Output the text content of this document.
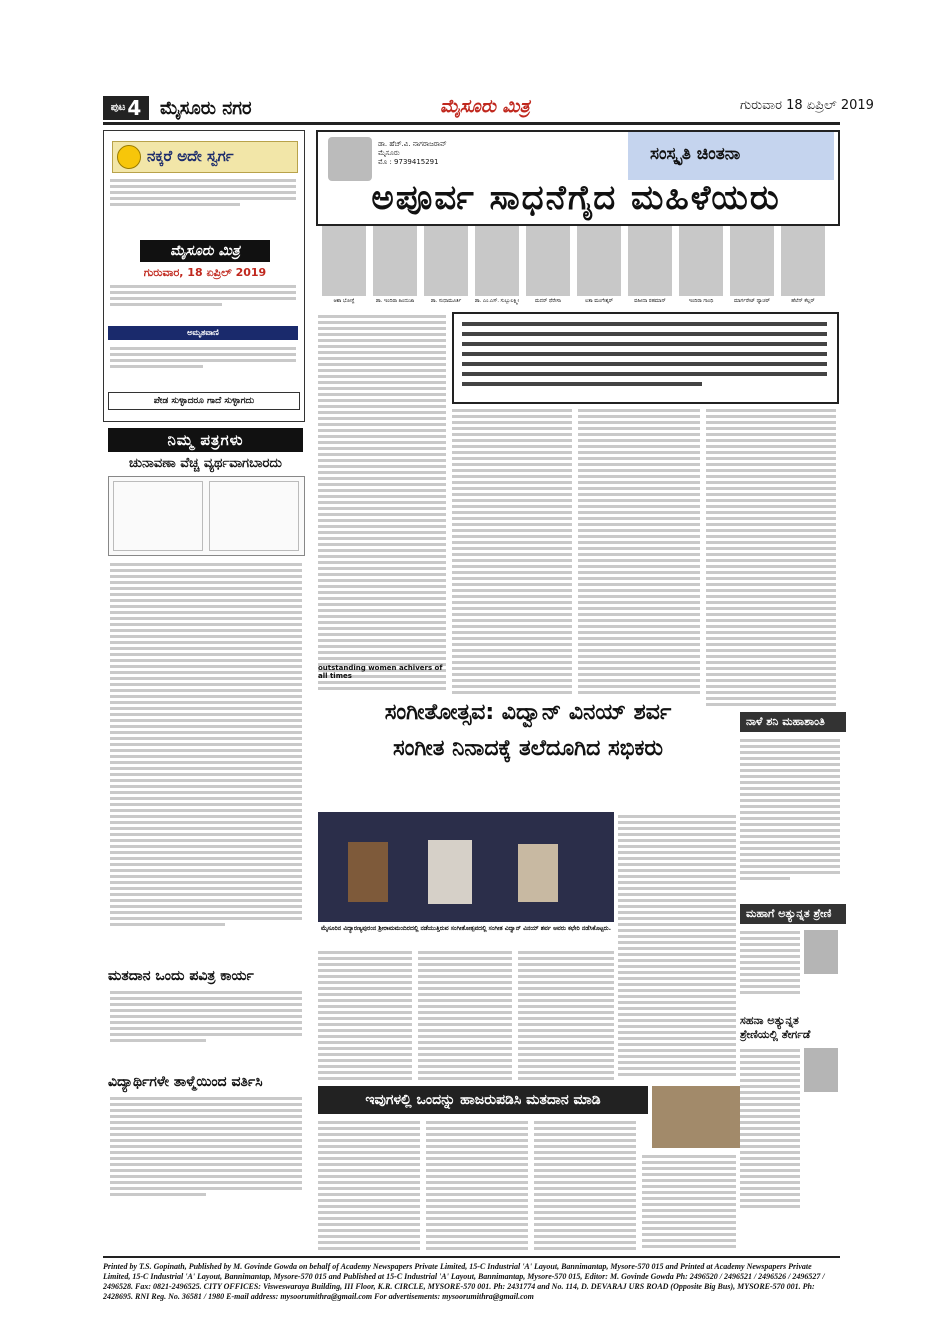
$^{ಪುಟ}$ 4	ಮೈಸೂರು ನಗರ	ಮೈಸೂರು ಮಿತ್ರ	ಗುರುವಾರ 18 ಏಪ್ರಿಲ್ 2019
ನಕ್ಕರೆ ಅದೇ ಸ್ವರ್ಗ
ಮೈಸೂರು ಮಿತ್ರ
ಗುರುವಾರ, 18 ಏಪ್ರಿಲ್ 2019
ಅಮೃತವಾಣಿ
ಪೇಡ ಸುಳ್ಳಾದರೂ ಗಾದೆ ಸುಳ್ಳಾಗದು
ನಿಮ್ಮ ಪತ್ರಗಳು
ಚುನಾವಣಾ ವೆಚ್ಚ ವ್ಯರ್ಥವಾಗಬಾರದು
ಮತದಾನ ಒಂದು ಪವಿತ್ರ ಕಾರ್ಯ
ವಿದ್ಯಾರ್ಥಿಗಳೇ ತಾಳ್ಮೆಯಿಂದ ವರ್ತಿಸಿ
ಡಾ. ಹೆಚ್.ವಿ. ನಾಗರಾಜರಾವ್
ಮೈಸೂರು
ಮೊ : 9739415291	ಸಂಸ್ಕೃತಿ ಚಿಂತನಾ
ಅಪೂರ್ವ ಸಾಧನೆಗೈದ ಮಹಿಳೆಯರು
ಆಶಾ ಭೋಸ್ಲೆ	ಡಾ. ಇಂದಿರಾ ಹಿಂದುಜಾ	ಡಾ. ಸುಧಾಮೂರ್ತಿ	ಡಾ. ಎಂ.ಎಸ್. ಸುಬ್ಬುಲಕ್ಷ್ಮೀ	ಮದರ್ ಥೆರೇಸಾ	ಲತಾ ಮಂಗೇಶ್ಕರ್	ವಹೀದಾ ರಹಮಾನ್	ಇಂದಿರಾ ಗಾಂಧಿ	ಮಾರ್ಗರೇಟ್ ಥ್ಯಾಚರ್	ಹೆಲೆನ್ ಕೆಲ್ಲರ್
outstanding women achivers of all times
ಸಂಗೀತೋತ್ಸವ: ವಿದ್ವಾನ್ ವಿನಯ್ ಶರ್ವ
ಸಂಗೀತ ನಿನಾದಕ್ಕೆ ತಲೆದೂಗಿದ ಸಭಿಕರು
ಮೈಸೂರಿನ ವಿದ್ಯಾರಣ್ಯಪುರಂನ ಶ್ರೀರಾಮಮಂದಿರದಲ್ಲಿ ನಡೆಯುತ್ತಿರುವ ಸಂಗೀತೋತ್ಸವದಲ್ಲಿ ಸಂಗೀತ ವಿದ್ವಾನ್ ವಿನಯ್ ಶರ್ವ ಅವರು ಕಛೇರಿ ನಡೆಸಿಕೊಟ್ಟರು.
ನಾಳೆ ಶನಿ ಮಹಾಶಾಂತಿ
ಮಹಾಗೆ ಅತ್ಯುನ್ನತ ಶ್ರೇಣಿ
ಸಹನಾ ಅತ್ಯುನ್ನತ ಶ್ರೇಣಿಯಲ್ಲಿ ತೇರ್ಗಡೆ
ಇವುಗಳಲ್ಲಿ ಒಂದನ್ನು ಹಾಜರುಪಡಿಸಿ ಮತದಾನ ಮಾಡಿ
Printed by T.S. Gopinath, Published by M. Govinde Gowda on behalf of Academy Newspapers Private Limited, 15-C Industrial 'A' Layout, Bannimantap, Mysore-570 015 and Printed at Academy Newspapers Private Limited, 15-C Industrial 'A' Layout, Bannimantap, Mysore-570 015 and Published at 15-C Industrial 'A' Layout, Bannimantap, Mysore-570 015, Editor: M. Govinde Gowda Ph: 2496520 / 2496521 / 2496526 / 2496527 / 2496528. Fax: 0821-2496525. CITY OFFICES: Visweswaraya Building, III Floor, K.R. CIRCLE, MYSORE-570 001. Ph: 2431774 and No. 114, D. DEVARAJ URS ROAD (Opposite Big Bus), MYSORE-570 001. Ph: 2428695. RNI Reg. No. 36581 / 1980 E-mail address: mysoorumithra@gmail.com For advertisements: mysoorumithra@gmail.com
